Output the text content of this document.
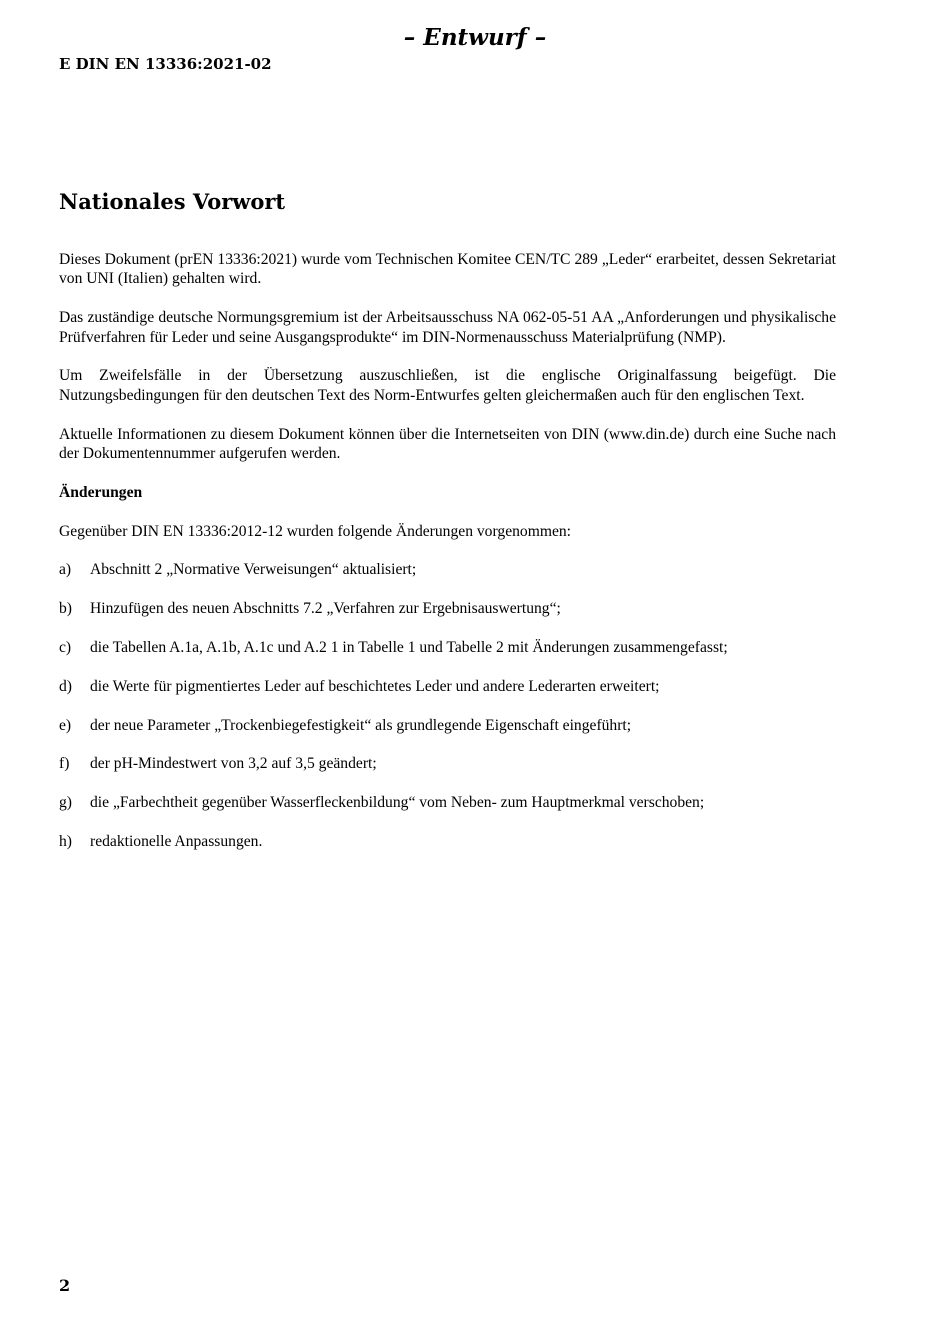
– Entwurf –
E DIN EN 13336:2021-02
Nationales Vorwort

Dieses Dokument (prEN 13336:2021) wurde vom Technischen Komitee CEN/TC 289 „Leder“ erarbeitet, dessen Sekretariat von UNI (Italien) gehalten wird.

Das zuständige deutsche Normungsgremium ist der Arbeitsausschuss NA 062-05-51 AA „Anforderungen und physikalische Prüfverfahren für Leder und seine Ausgangsprodukte“ im DIN-Normenausschuss Materialprüfung (NMP).

Um Zweifelsfälle in der Übersetzung auszuschließen, ist die englische Originalfassung beigefügt. Die Nutzungsbedingungen für den deutschen Text des Norm-Entwurfes gelten gleichermaßen auch für den englischen Text.

Aktuelle Informationen zu diesem Dokument können über die Internetseiten von DIN (www.din.de) durch eine Suche nach der Dokumentennummer aufgerufen werden.

Änderungen

Gegenüber DIN EN 13336:2012-12 wurden folgende Änderungen vorgenommen:

a)	Abschnitt 2 „Normative Verweisungen“ aktualisiert;
b)	Hinzufügen des neuen Abschnitts 7.2 „Verfahren zur Ergebnisauswertung“;
c)	die Tabellen A.1a, A.1b, A.1c und A.2 1 in Tabelle 1 und Tabelle 2 mit Änderungen zusammengefasst;
d)	die Werte für pigmentiertes Leder auf beschichtetes Leder und andere Lederarten erweitert;
e)	der neue Parameter „Trockenbiegefestigkeit“ als grundlegende Eigenschaft eingeführt;
f)	der pH-Mindestwert von 3,2 auf 3,5 geändert;
g)	die „Farbechtheit gegenüber Wasserfleckenbildung“ vom Neben- zum Hauptmerkmal verschoben;
h)	redaktionelle Anpassungen.
2
